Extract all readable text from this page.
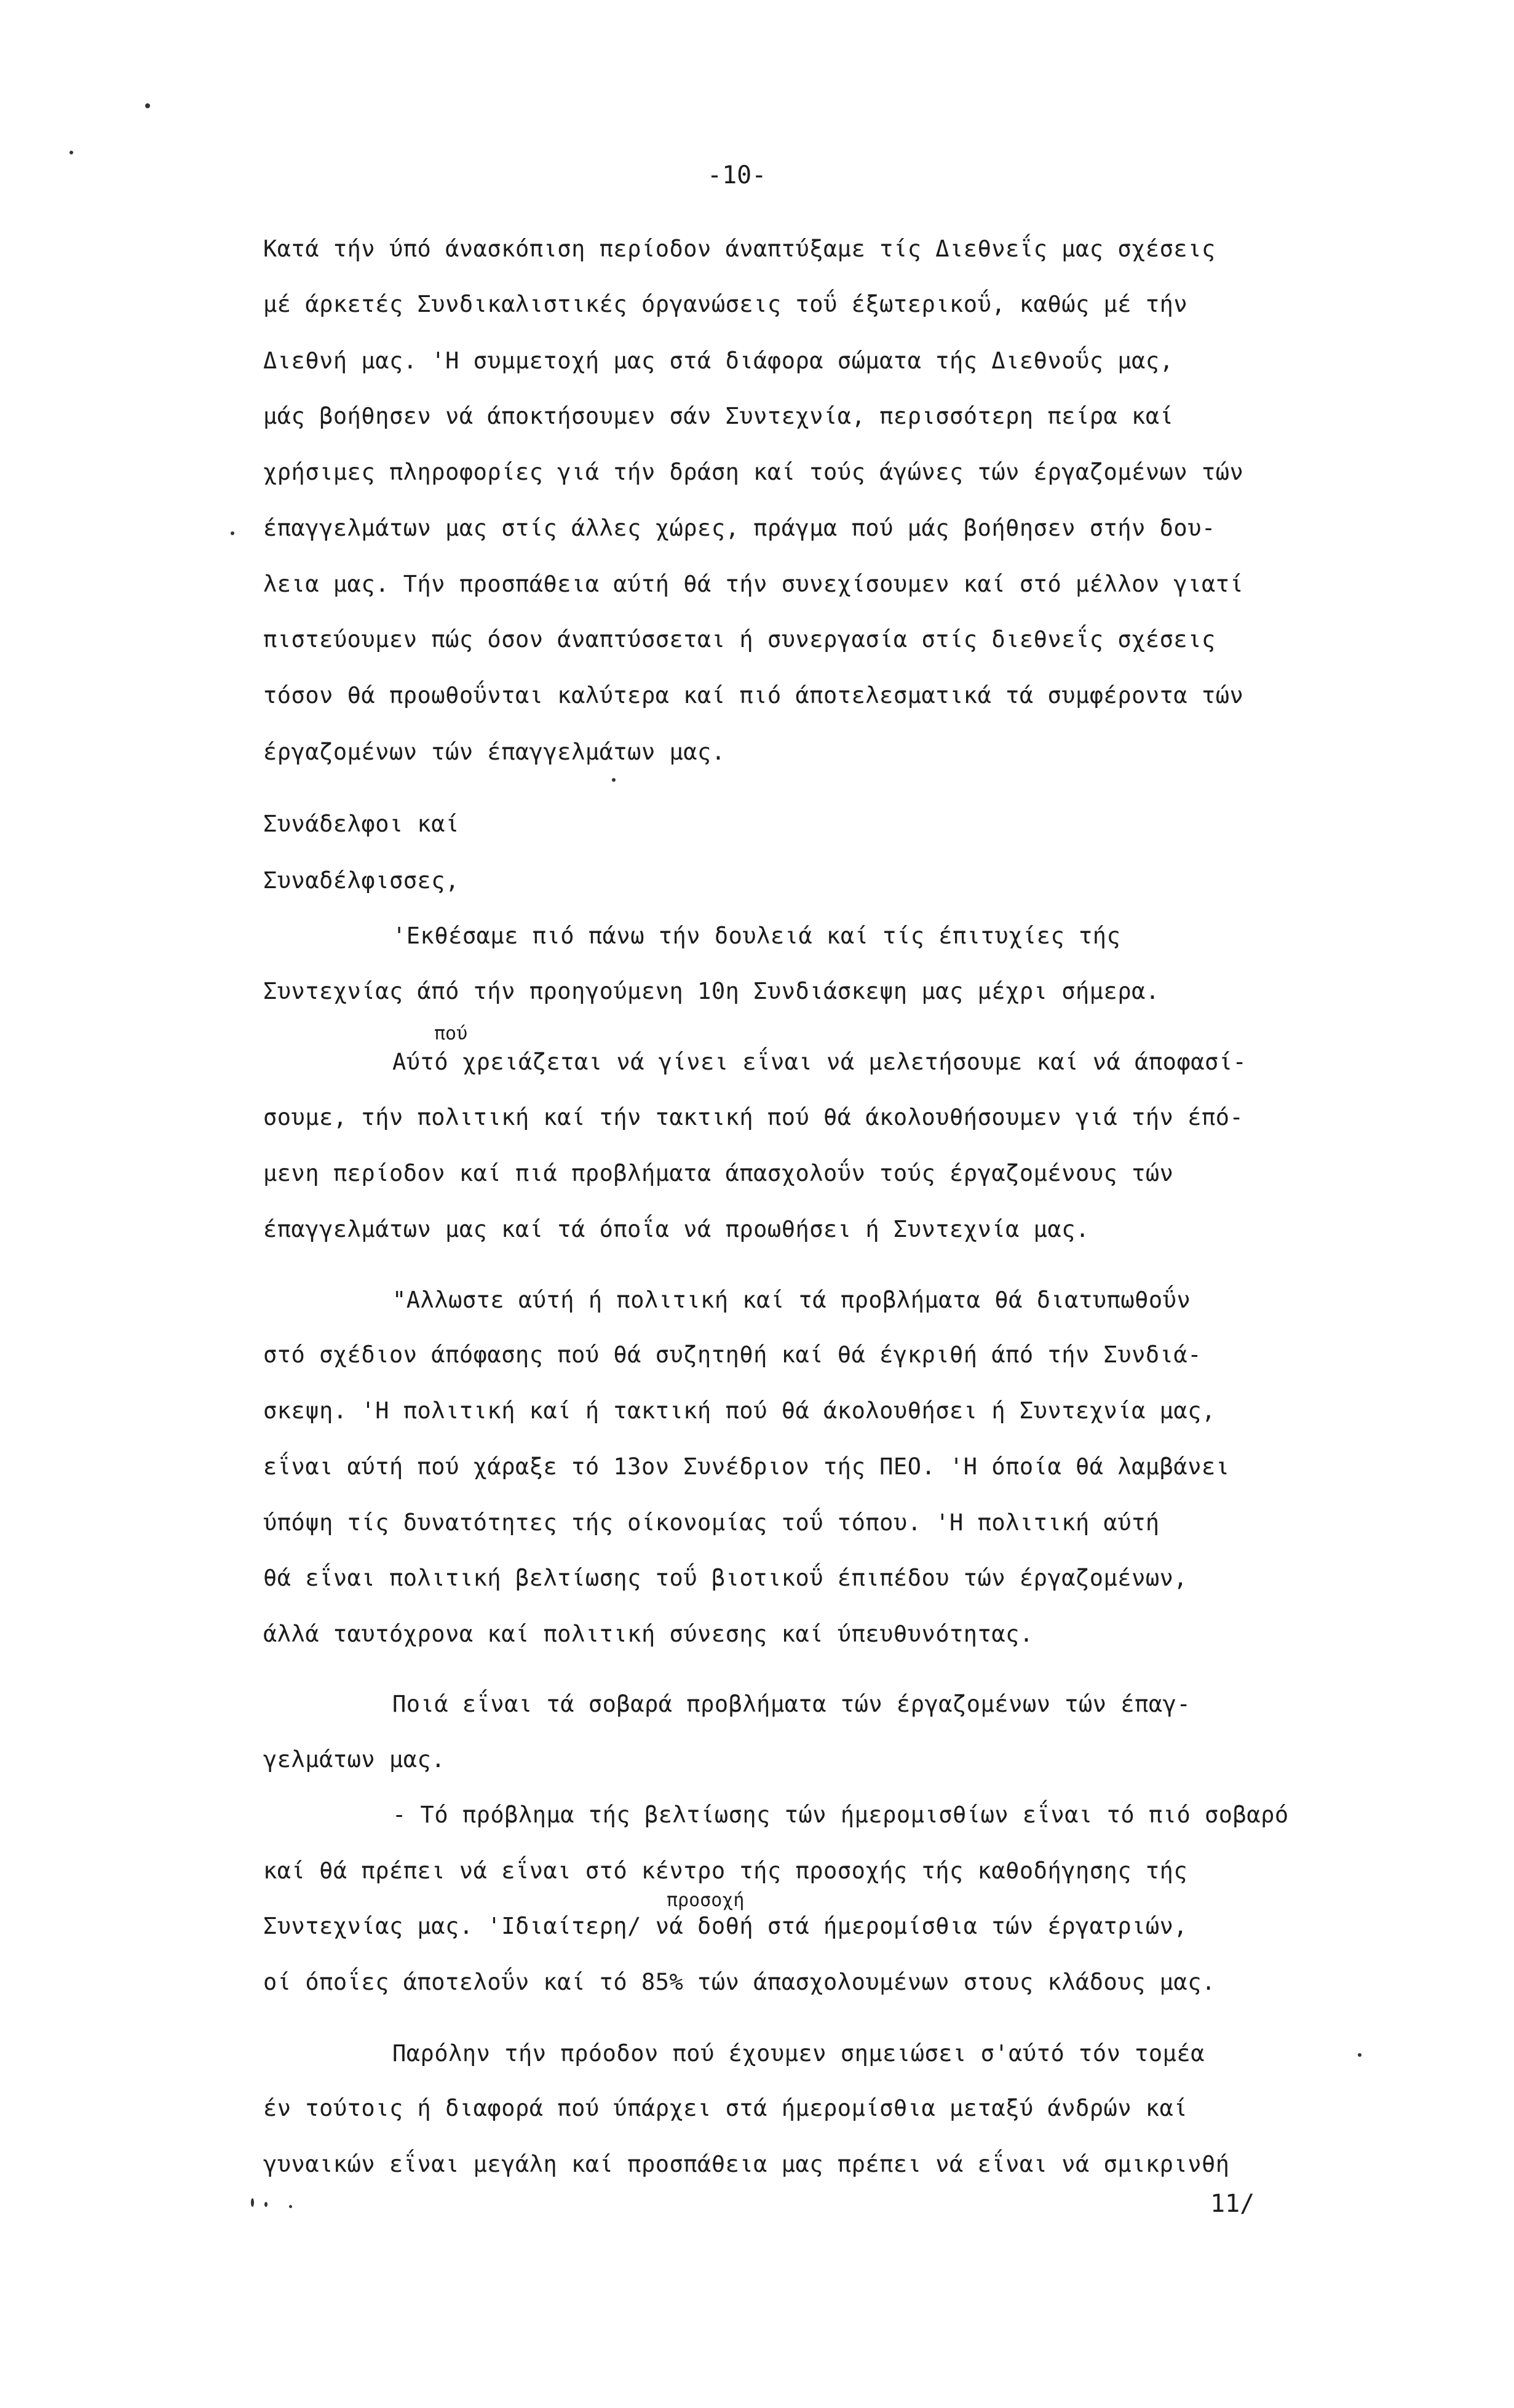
-10-
Κατά τήν ύπό άνασκόπιση περίοδον άναπτύξαμε τίς Διεθνεΐς μας σχέσεις
μέ άρκετές Συνδικαλιστικές όργανώσεις τοΰ έξωτερικοΰ, καθώς μέ τήν
Διεθνή μας. 'Η συμμετοχή μας στά διάφορα σώματα τής Διεθνοΰς μας,
μάς βοήθησεν νά άποκτήσουμεν σάν Συντεχνία, περισσότερη πείρα καί
χρήσιμες πληροφορίες γιά τήν δράση καί τούς άγώνες τών έργαζομένων τών
έπαγγελμάτων μας στίς άλλες χώρες, πράγμα πού μάς βοήθησεν στήν δου-
λεια μας. Τήν προσπάθεια αύτή θά τήν συνεχίσουμεν καί στό μέλλον γιατί
πιστεύουμεν πώς όσον άναπτύσσεται ή συνεργασία στίς διεθνεΐς σχέσεις
τόσον θά προωθοΰνται καλύτερα καί πιό άποτελεσματικά τά συμφέροντα τών
έργαζομένων τών έπαγγελμάτων μας.
Συνάδελφοι καί
Συναδέλφισσες,
'Εκθέσαμε πιό πάνω τήν δουλειά καί τίς έπιτυχίες τής
Συντεχνίας άπό τήν προηγούμενη 10η Συνδιάσκεψη μας μέχρι σήμερα.
Αύτό χρειάζεται νά γίνει εΐναι νά μελετήσουμε καί νά άποφασί-
σουμε, τήν πολιτική καί τήν τακτική πού θά άκολουθήσουμεν γιά τήν έπό-
μενη περίοδον καί πιά προβλήματα άπασχολοΰν τούς έργαζομένους τών
έπαγγελμάτων μας καί τά όποΐα νά προωθήσει ή Συντεχνία μας.
"Αλλωστε αύτή ή πολιτική καί τά προβλήματα θά διατυπωθοΰν
στό σχέδιον άπόφασης πού θά συζητηθή καί θά έγκριθή άπό τήν Συνδιά-
σκεψη. 'Η πολιτική καί ή τακτική πού θά άκολουθήσει ή Συντεχνία μας,
εΐναι αύτή πού χάραξε τό 13ον Συνέδριον τής ΠΕΟ. 'Η όποία θά λαμβάνει
ύπόψη τίς δυνατότητες τής οίκονομίας τοΰ τόπου. 'Η πολιτική αύτή
θά εΐναι πολιτική βελτίωσης τοΰ βιοτικοΰ έπιπέδου τών έργαζομένων,
άλλά ταυτόχρονα καί πολιτική σύνεσης καί ύπευθυνότητας.
Ποιά εΐναι τά σοβαρά προβλήματα τών έργαζομένων τών έπαγ-
γελμάτων μας.
- Τό πρόβλημα τής βελτίωσης τών ήμερομισθίων εΐναι τό πιό σοβαρό
καί θά πρέπει νά εΐναι στό κέντρο τής προσοχής τής καθοδήγησης τής
Συντεχνίας μας. 'Ιδιαίτερη/ νά δοθή στά ήμερομίσθια τών έργατριών,
οί όποΐες άποτελοΰν καί τό 85% τών άπασχολουμένων στους κλάδους μας.
Παρόλην τήν πρόοδον πού έχουμεν σημειώσει σ'αύτό τόν τομέα
έν τούτοις ή διαφορά πού ύπάρχει στά ήμερομίσθια μεταξύ άνδρών καί
γυναικών εΐναι μεγάλη καί προσπάθεια μας πρέπει νά εΐναι νά σμικρινθή
πού
προσοχή
11/
